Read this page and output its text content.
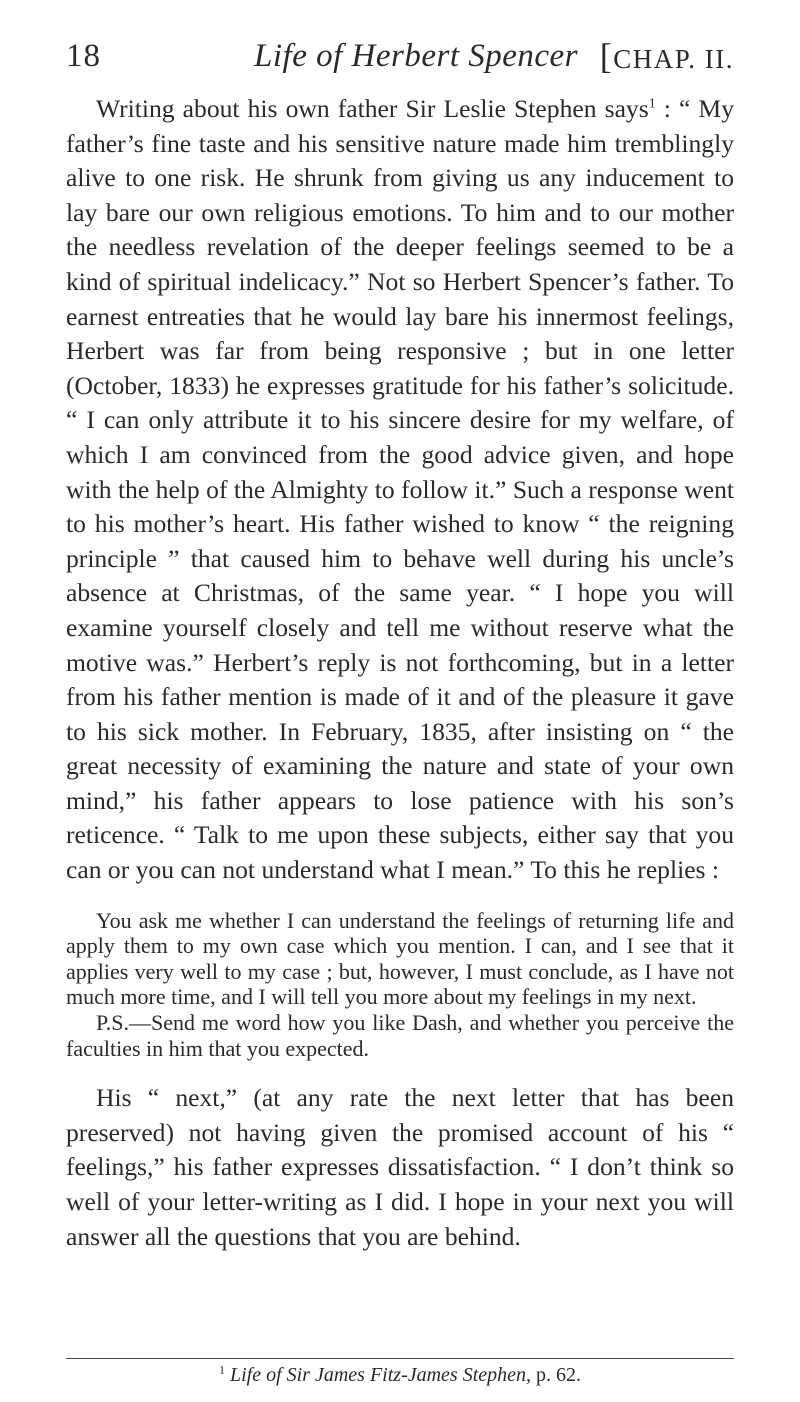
18	Life of Herbert Spencer [CHAP. II.

Writing about his own father Sir Leslie Stephen says$^1$ : “ My father’s fine taste and his sensitive nature made him tremblingly alive to one risk. He shrunk from giving us any inducement to lay bare our own religious emotions. To him and to our mother the needless revelation of the deeper feelings seemed to be a kind of spiritual indelicacy.” Not so Herbert Spencer’s father. To earnest entreaties that he would lay bare his innermost feelings, Herbert was far from being responsive ; but in one letter (October, 1833) he expresses gratitude for his father’s solicitude. “ I can only attribute it to his sincere desire for my welfare, of which I am convinced from the good advice given, and hope with the help of the Almighty to follow it.” Such a response went to his mother’s heart. His father wished to know “ the reigning principle ” that caused him to behave well during his uncle’s absence at Christmas, of the same year. “ I hope you will examine yourself closely and tell me without reserve what the motive was.” Herbert’s reply is not forthcoming, but in a letter from his father mention is made of it and of the pleasure it gave to his sick mother. In February, 1835, after insisting on “ the great necessity of examining the nature and state of your own mind,” his father appears to lose patience with his son’s reticence. “ Talk to me upon these subjects, either say that you can or you can not understand what I mean.” To this he replies :

You ask me whether I can understand the feelings of returning life and apply them to my own case which you mention. I can, and I see that it applies very well to my case ; but, however, I must conclude, as I have not much more time, and I will tell you more about my feelings in my next.

P.S.—Send me word how you like Dash, and whether you perceive the faculties in him that you expected.

His “ next,” (at any rate the next letter that has been preserved) not having given the promised account of his “ feelings,” his father expresses dissatisfaction. “ I don’t think so well of your letter-writing as I did. I hope in your next you will answer all the questions that you are behind.

$^1$ Life of Sir James Fitz-James Stephen, p. 62.
